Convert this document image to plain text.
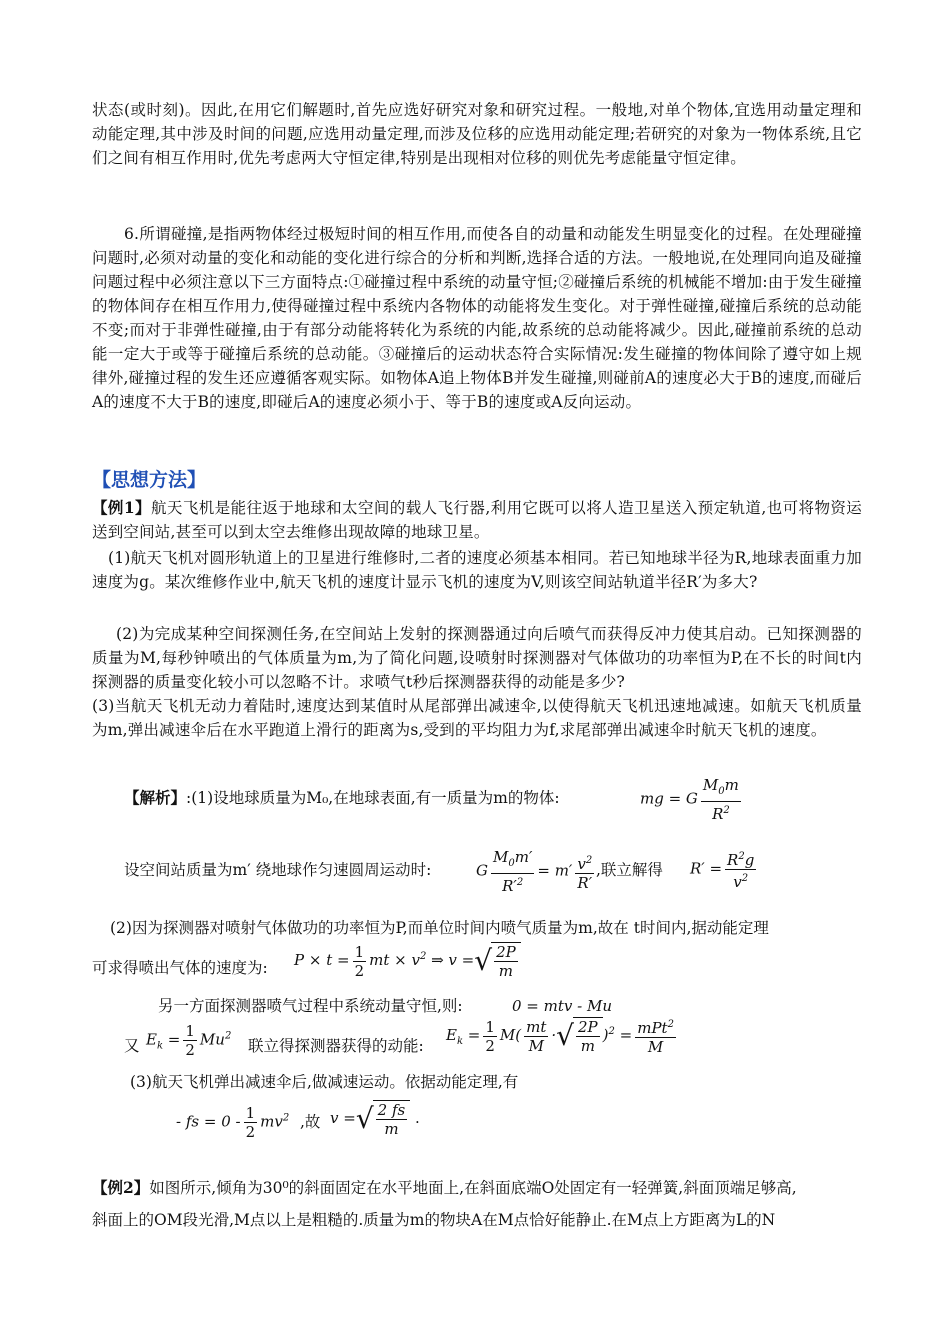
状态(或时刻)。因此,在用它们解题时,首先应选好研究对象和研究过程。一般地,对单个物体,宜选用动量定理和动能定理,其中涉及时间的问题,应选用动量定理,而涉及位移的应选用动能定理;若研究的对象为一物体系统,且它们之间有相互作用时,优先考虑两大守恒定律,特别是出现相对位移的则优先考虑能量守恒定律。
6.所谓碰撞,是指两物体经过极短时间的相互作用,而使各自的动量和动能发生明显变化的过程。在处理碰撞问题时,必须对动量的变化和动能的变化进行综合的分析和判断,选择合适的方法。一般地说,在处理同向追及碰撞问题过程中必须注意以下三方面特点:①碰撞过程中系统的动量守恒;②碰撞后系统的机械能不增加:由于发生碰撞的物体间存在相互作用力,使得碰撞过程中系统内各物体的动能将发生变化。对于弹性碰撞,碰撞后系统的总动能不变;而对于非弹性碰撞,由于有部分动能将转化为系统的内能,故系统的总动能将减少。因此,碰撞前系统的总动能一定大于或等于碰撞后系统的总动能。③碰撞后的运动状态符合实际情况:发生碰撞的物体间除了遵守如上规律外,碰撞过程的发生还应遵循客观实际。如物体A追上物体B并发生碰撞,则碰前A的速度必大于B的速度,而碰后A的速度不大于B的速度,即碰后A的速度必须小于、等于B的速度或A反向运动。
【思想方法】
【例1】航天飞机是能往返于地球和太空间的载人飞行器,利用它既可以将人造卫星送入预定轨道,也可将物资运送到空间站,甚至可以到太空去维修出现故障的地球卫星。
(1)航天飞机对圆形轨道上的卫星进行维修时,二者的速度必须基本相同。若已知地球半径为R,地球表面重力加速度为g。某次维修作业中,航天飞机的速度计显示飞机的速度为V,则该空间站轨道半径R′为多大?
(2)为完成某种空间探测任务,在空间站上发射的探测器通过向后喷气而获得反冲力使其启动。已知探测器的质量为M,每秒钟喷出的气体质量为m,为了简化问题,设喷射时探测器对气体做功的功率恒为P,在不长的时间t内探测器的质量变化较小可以忽略不计。求喷气t秒后探测器获得的动能是多少?
(3)当航天飞机无动力着陆时,速度达到某值时从尾部弹出减速伞,以使得航天飞机迅速地减速。如航天飞机质量为m,弹出减速伞后在水平跑道上滑行的距离为s,受到的平均阻力为f,求尾部弹出减速伞时航天飞机的速度。
【解析】:(1)设地球质量为M₀,在地球表面,有一质量为m的物体:	mg = G $\frac{M_0m}{R^2}$
设空间站质量为m′ 绕地球作匀速圆周运动时:	G $\frac{M_0m'}{R'^2} = m' \frac{v^2}{R'}$ ,联立解得	$R' = \frac{R^2g}{v^2}$
(2)因为探测器对喷射气体做功的功率恒为P,而单位时间内喷气质量为m,故在 t时间内,据动能定理
可求得喷出气体的速度为:	$P \times t = \frac{1}{2}$ mt × $v^2$ ⇒ v = √ $\frac{2P}{m}$
另一方面探测器喷气过程中系统动量守恒,则:	0 = mtv - Mu
又 $E_k = \frac{1}{2} Mu^2$
联立得探测器获得的动能:
$E_k = \frac{1}{2} M( \frac{mt}{M}$ · √ $\frac{2P}{m} )^2 = \frac{mPt^2}{M}$
(3)航天飞机弹出减速伞后,做减速运动。依据动能定理,有
- fs = $0 - \frac{1}{2} mv^2$ ,故 v = √ $\frac{2 fs}{m}$ .
【例2】如图所示,倾角为30⁰的斜面固定在水平地面上,在斜面底端O处固定有一轻弹簧,斜面顶端足够高,
斜面上的OM段光滑,M点以上是粗糙的.质量为m的物块A在M点恰好能静止.在M点上方距离为L的N
